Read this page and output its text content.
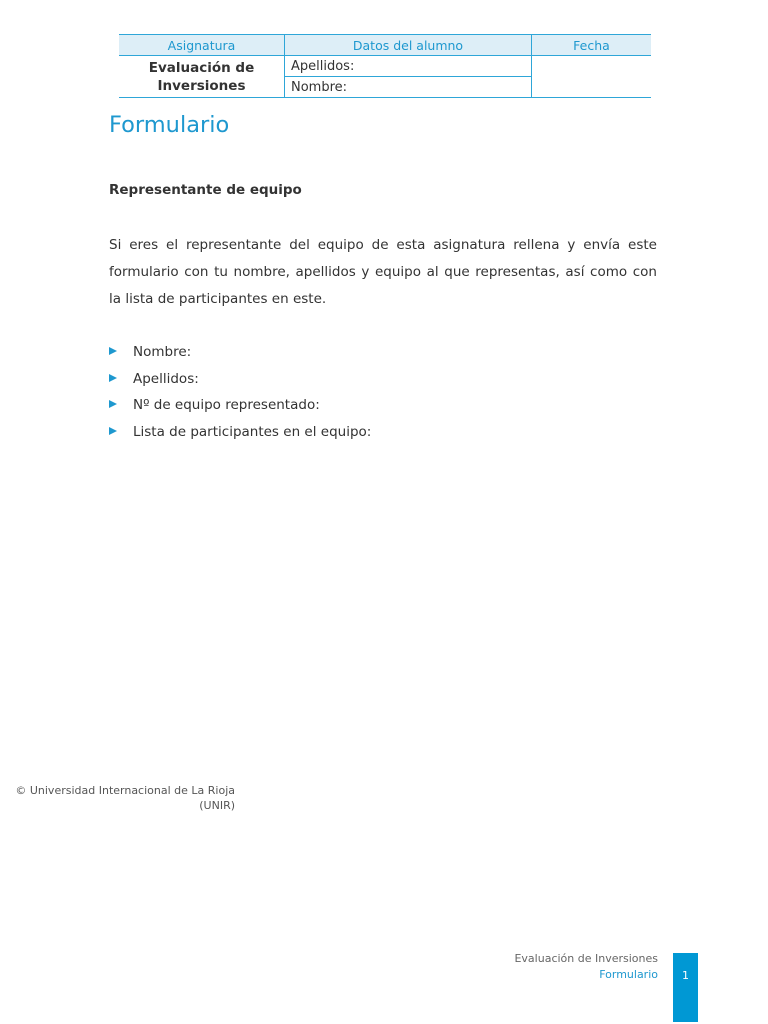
Asignatura	Datos del alumno	Fecha
Evaluación de Inversiones	Apellidos:	
	Nombre:	
Formulario
Representante de equipo

Si eres el representante del equipo de esta asignatura rellena y envía este formulario con tu nombre, apellidos y equipo al que representas, así como con la lista de participantes en este.

Nombre:
Apellidos:
Nº de equipo representado:
Lista de participantes en el equipo:
© Universidad Internacional de La Rioja
(UNIR)
Evaluación de Inversiones
Formulario	1
